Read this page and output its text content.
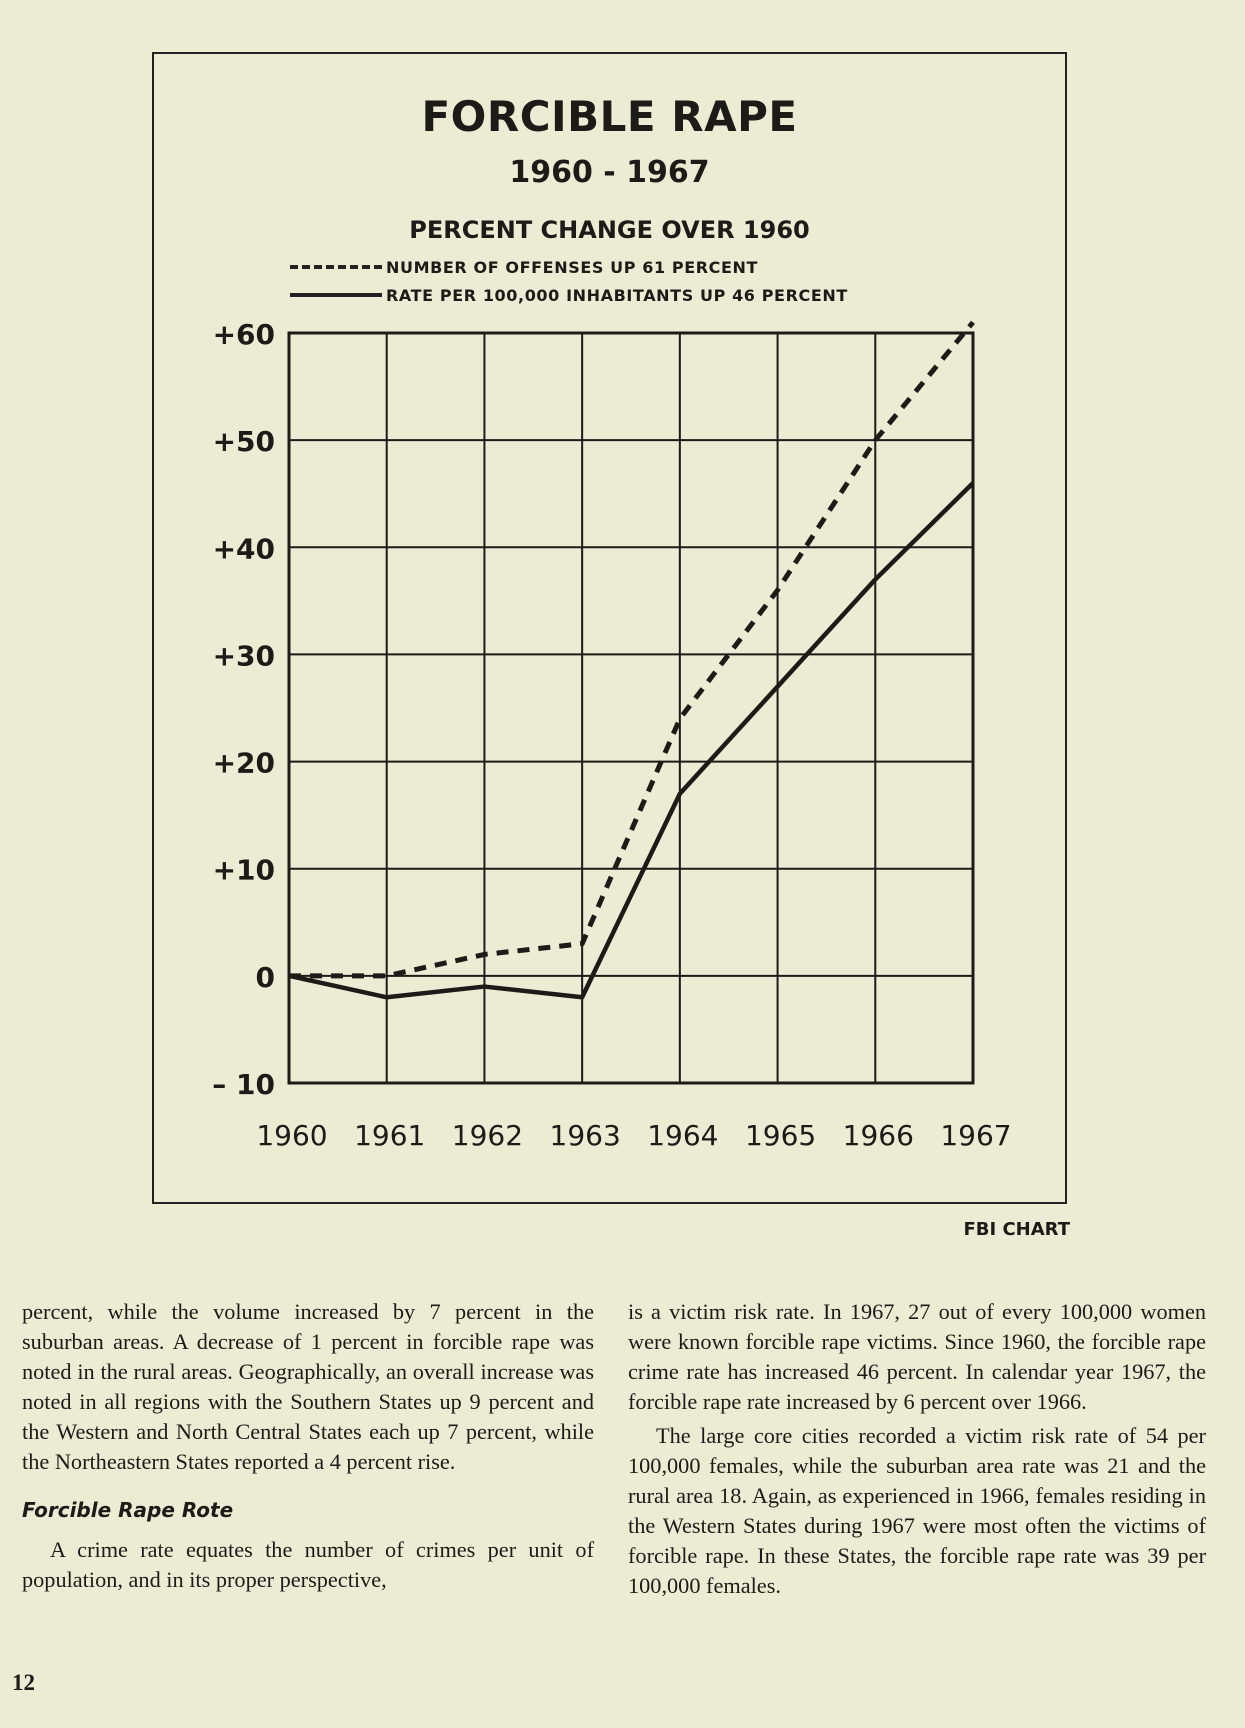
FORCIBLE RAPE
1960 - 1967
PERCENT CHANGE OVER 1960
NUMBER OF OFFENSES UP 61 PERCENT
RATE PER 100,000 INHABITANTS UP 46 PERCENT
+60
+50
+40
+30
+20
+10
0
– 10
1960 1961 1962 1963 1964 1965 1966 1967
FBI CHART

percent, while the volume increased by 7 percent in the suburban areas. A decrease of 1 percent in forcible rape was noted in the rural areas. Geographically, an overall increase was noted in all regions with the Southern States up 9 percent and the Western and North Central States each up 7 percent, while the Northeastern States reported a 4 percent rise.

Forcible Rape Rote

A crime rate equates the number of crimes per unit of population, and in its proper perspective,

is a victim risk rate. In 1967, 27 out of every 100,000 women were known forcible rape victims. Since 1960, the forcible rape crime rate has increased 46 percent. In calendar year 1967, the forcible rape rate increased by 6 percent over 1966.

The large core cities recorded a victim risk rate of 54 per 100,000 females, while the suburban area rate was 21 and the rural area 18. Again, as experienced in 1966, females residing in the Western States during 1967 were most often the victims of forcible rape. In these States, the forcible rape rate was 39 per 100,000 females.

12
